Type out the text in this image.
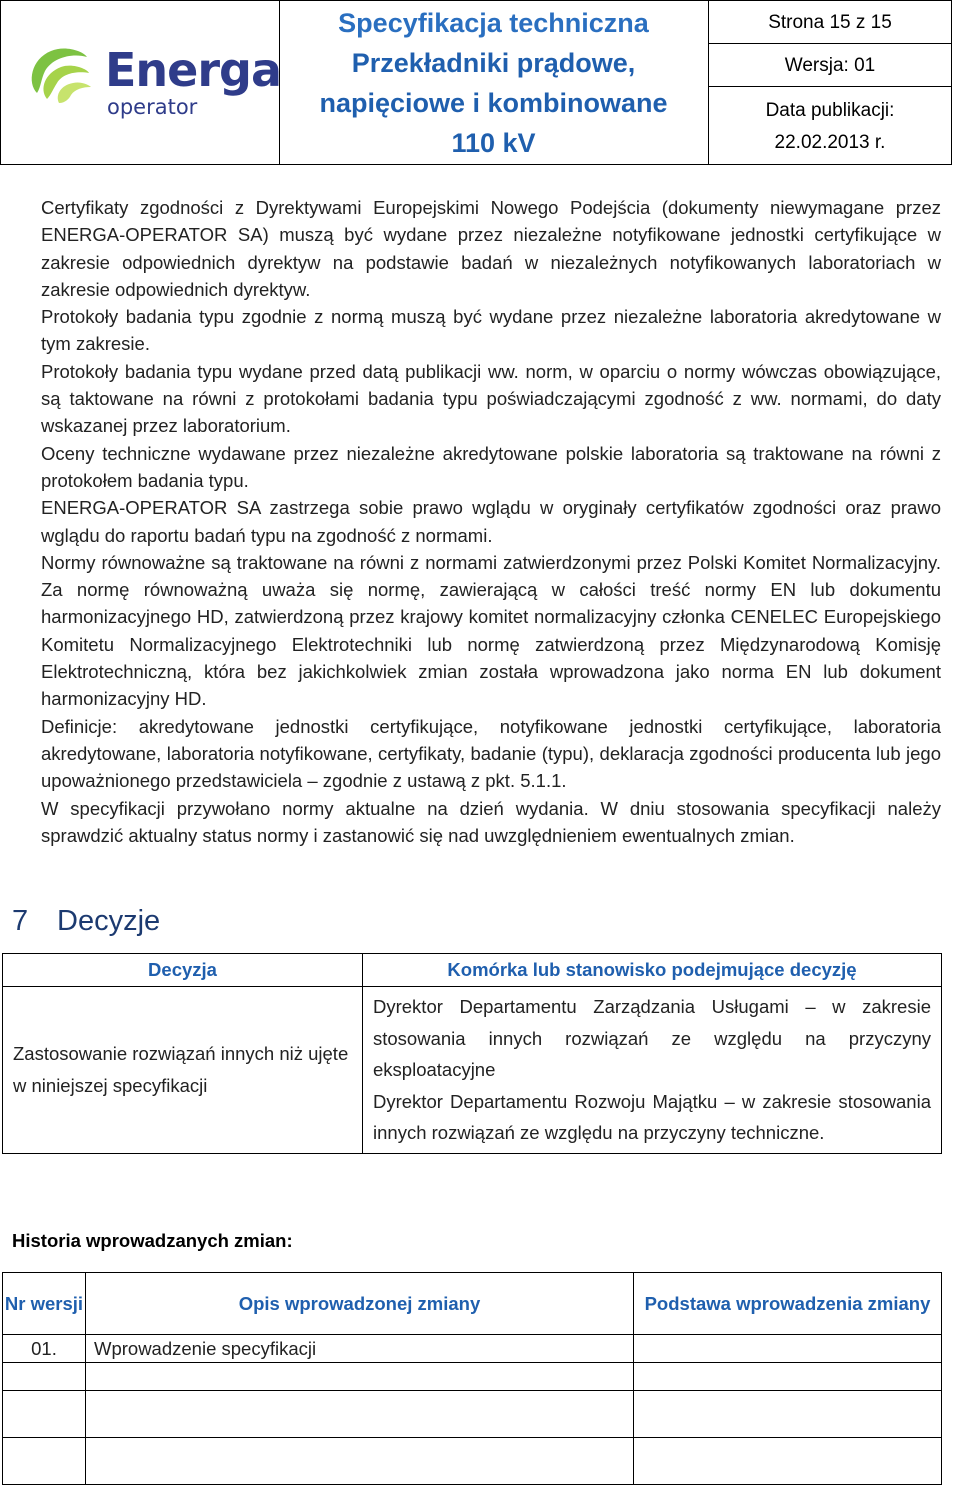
Energa
operator
Specyfikacja techniczna
Przekładniki prądowe,
napięciowe i kombinowane
110 kV
Strona 15 z 15
Wersja: 01
Data publikacji:
22.02.2013 r.

Certyfikaty zgodności z Dyrektywami Europejskimi Nowego Podejścia (dokumenty niewymagane przez ENERGA-OPERATOR SA) muszą być wydane przez niezależne notyfikowane jednostki certyfikujące w zakresie odpowiednich dyrektyw na podstawie badań w niezależnych notyfikowanych laboratoriach w zakresie odpowiednich dyrektyw.

Protokoły badania typu zgodnie z normą muszą być wydane przez niezależne laboratoria akredytowane w tym zakresie.

Protokoły badania typu wydane przed datą publikacji ww. norm, w oparciu o normy wówczas obowiązujące, są taktowane na równi z protokołami badania typu poświadczającymi zgodność z ww. normami, do daty wskazanej przez laboratorium.

Oceny techniczne wydawane przez niezależne akredytowane polskie laboratoria są traktowane na równi z protokołem badania typu.

ENERGA-OPERATOR SA zastrzega sobie prawo wglądu w oryginały certyfikatów zgodności oraz prawo wglądu do raportu badań typu na zgodność z normami.

Normy równoważne są traktowane na równi z normami zatwierdzonymi przez Polski Komitet Normalizacyjny. Za normę równoważną uważa się normę, zawierającą w całości treść normy EN lub dokumentu harmonizacyjnego HD, zatwierdzoną przez krajowy komitet normalizacyjny członka CENELEC Europejskiego Komitetu Normalizacyjnego Elektrotechniki lub normę zatwierdzoną przez Międzynarodową Komisję Elektrotechniczną, która bez jakichkolwiek zmian została wprowadzona jako norma EN lub dokument harmonizacyjny HD.

Definicje: akredytowane jednostki certyfikujące, notyfikowane jednostki certyfikujące, laboratoria akredytowane, laboratoria notyfikowane, certyfikaty, badanie (typu), deklaracja zgodności producenta lub jego upoważnionego przedstawiciela – zgodnie z ustawą z pkt. 5.1.1.

W specyfikacji przywołano normy aktualne na dzień wydania. W dniu stosowania specyfikacji należy sprawdzić aktualny status normy i zastanowić się nad uwzględnieniem ewentualnych zmian.

7 Decyzje
Decyzja	Komórka lub stanowisko podejmujące decyzję
Zastosowanie rozwiązań innych niż ujęte w niniejszej specyfikacji	Dyrektor Departamentu Zarządzania Usługami – w zakresie stosowania innych rozwiązań ze względu na przyczyny eksploatacyjne
Dyrektor Departamentu Rozwoju Majątku – w zakresie stosowania innych rozwiązań ze względu na przyczyny techniczne.
Historia wprowadzanych zmian:
Nr wersji	Opis wprowadzonej zmiany	Podstawa wprowadzenia zmiany
01.	Wprowadzenie specyfikacji	
